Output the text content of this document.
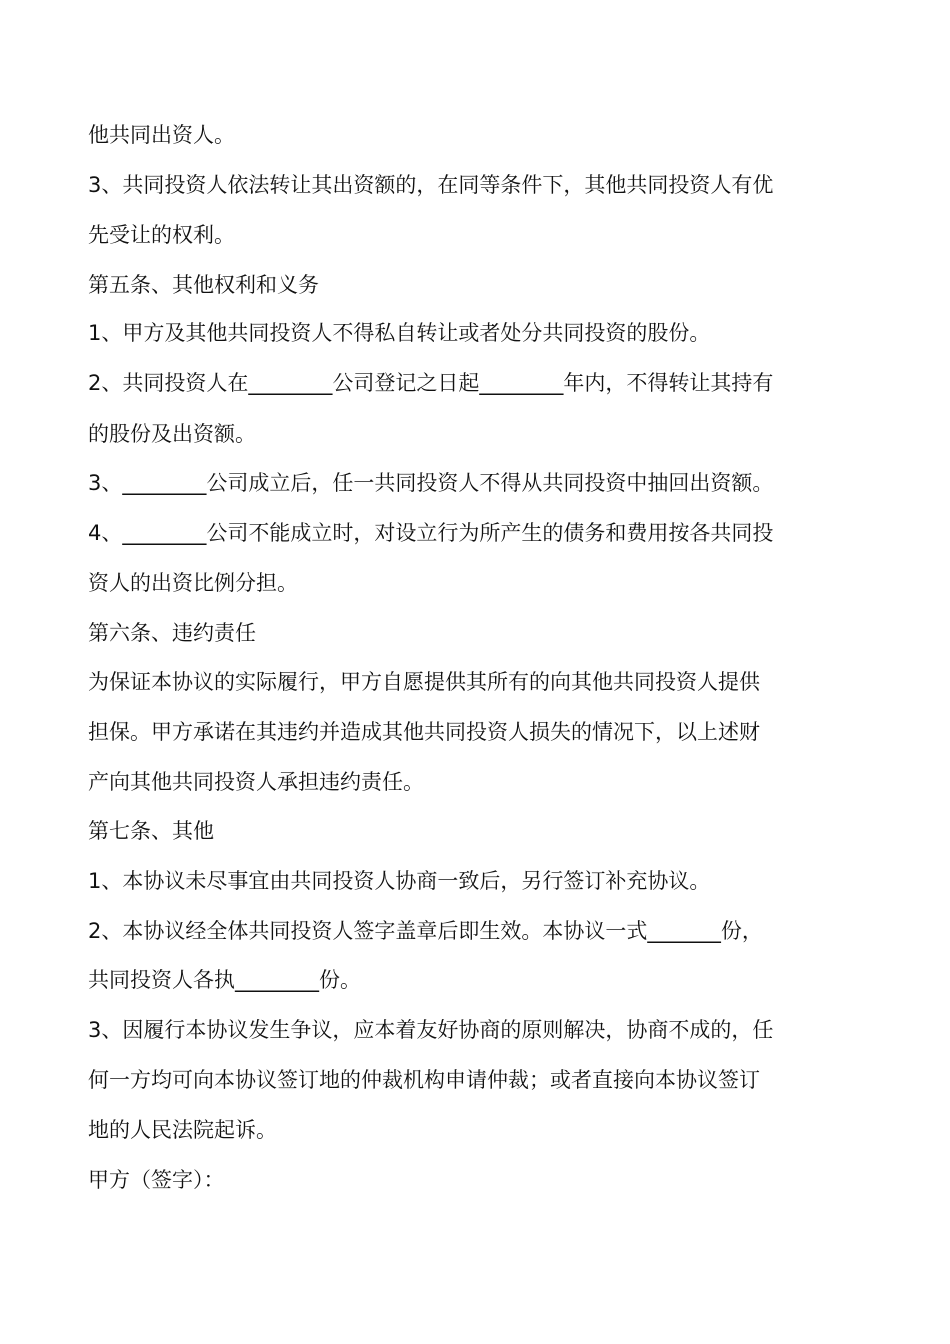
他共同出资人。
3、共同投资人依法转让其出资额的，在同等条件下，其他共同投资人有优
先受让的权利。
第五条、其他权利和义务
1、甲方及其他共同投资人不得私自转让或者处分共同投资的股份。
2、共同投资人在________公司登记之日起________年内，不得转让其持有
的股份及出资额。
3、________公司成立后，任一共同投资人不得从共同投资中抽回出资额。
4、________公司不能成立时，对设立行为所产生的债务和费用按各共同投
资人的出资比例分担。
第六条、违约责任
为保证本协议的实际履行，甲方自愿提供其所有的向其他共同投资人提供
担保。甲方承诺在其违约并造成其他共同投资人损失的情况下，以上述财
产向其他共同投资人承担违约责任。
第七条、其他
1、本协议未尽事宜由共同投资人协商一致后，另行签订补充协议。
2、本协议经全体共同投资人签字盖章后即生效。本协议一式_______份，
共同投资人各执________份。
3、因履行本协议发生争议，应本着友好协商的原则解决，协商不成的，任
何一方均可向本协议签订地的仲裁机构申请仲裁；或者直接向本协议签订
地的人民法院起诉。
甲方（签字）：
